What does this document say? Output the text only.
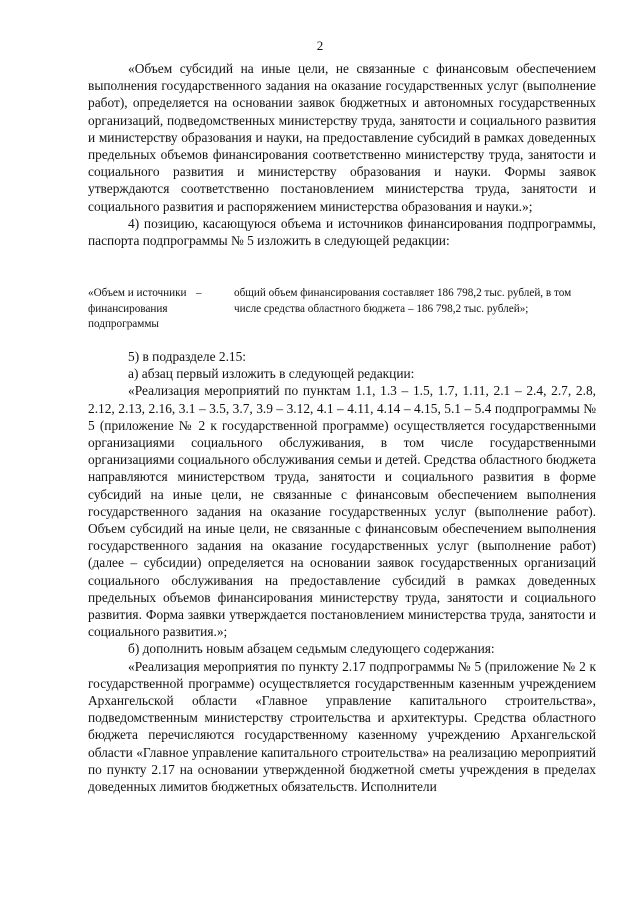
2

«Объем субсидий на иные цели, не связанные с финансовым обеспечением выполнения государственного задания на оказание государственных услуг (выполнение работ), определяется на основании заявок бюджетных и автономных государственных организаций, подведомственных министерству труда, занятости и социального развития и министерству образования и науки, на предоставление субсидий в рамках доведенных предельных объемов финансирования соответственно министерству труда, занятости и социального развития и министерству образования и науки. Формы заявок утверждаются соответственно постановлением министерства труда, занятости и социального развития и распоряжением министерства образования и науки.»;

4) позицию, касающуюся объема и источников финансирования подпрограммы, паспорта подпрограммы № 5 изложить в следующей редакции:

«Объем и источники финансирования подпрограммы
–	общий объем финансирования составляет 186 798,2 тыс. рублей, в том числе средства областного бюджета – 186 798,2 тыс. рублей»;

5) в подразделе 2.15:

а) абзац первый изложить в следующей редакции:

«Реализация мероприятий по пунктам 1.1, 1.3 – 1.5, 1.7, 1.11, 2.1 – 2.4, 2.7, 2.8, 2.12, 2.13, 2.16, 3.1 – 3.5, 3.7, 3.9 – 3.12, 4.1 – 4.11, 4.14 – 4.15, 5.1 – 5.4 подпрограммы № 5 (приложение № 2 к государственной программе) осуществляется государственными организациями социального обслуживания, в том числе государственными организациями социального обслуживания семьи и детей. Средства областного бюджета направляются министерством труда, занятости и социального развития в форме субсидий на иные цели, не связанные с финансовым обеспечением выполнения государственного задания на оказание государственных услуг (выполнение работ). Объем субсидий на иные цели, не связанные с финансовым обеспечением выполнения государственного задания на оказание государственных услуг (выполнение работ) (далее – субсидии) определяется на основании заявок государственных организаций социального обслуживания на предоставление субсидий в рамках доведенных предельных объемов финансирования министерству труда, занятости и социального развития. Форма заявки утверждается постановлением министерства труда, занятости и социального развития.»;

б) дополнить новым абзацем седьмым следующего содержания:

«Реализация мероприятия по пункту 2.17 подпрограммы № 5 (приложение № 2 к государственной программе) осуществляется государственным казенным учреждением Архангельской области «Главное управление капитального строительства», подведомственным министерству строительства и архитектуры. Средства областного бюджета перечисляются государственному казенному учреждению Архангельской области «Главное управление капитального строительства» на реализацию мероприятий по пункту 2.17 на основании утвержденной бюджетной сметы учреждения в пределах доведенных лимитов бюджетных обязательств. Исполнители
